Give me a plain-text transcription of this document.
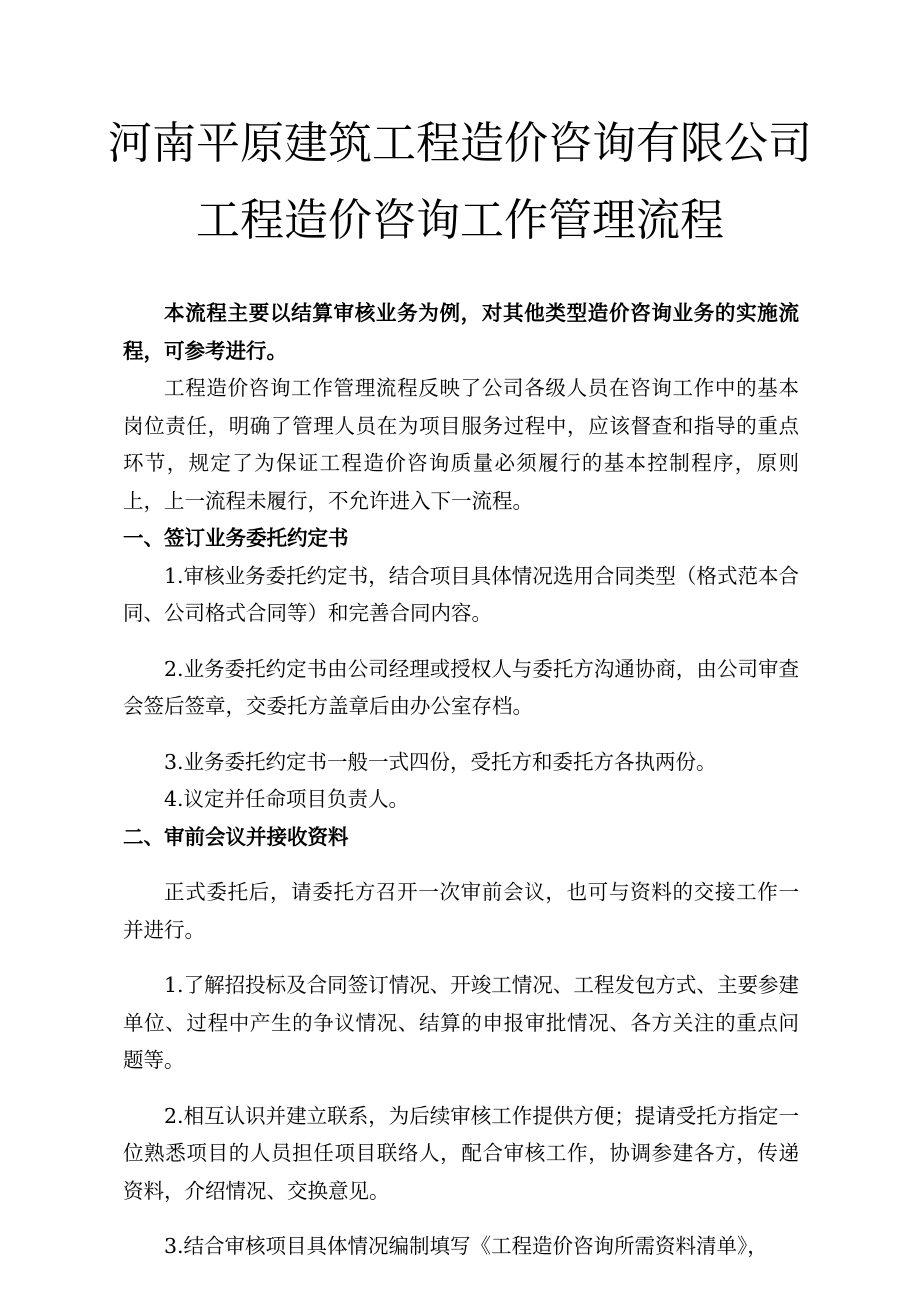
河南平原建筑工程造价咨询有限公司
工程造价咨询工作管理流程

本流程主要以结算审核业务为例，对其他类型造价咨询业务的实施流程，可参考进行。

工程造价咨询工作管理流程反映了公司各级人员在咨询工作中的基本岗位责任，明确了管理人员在为项目服务过程中，应该督查和指导的重点环节，规定了为保证工程造价咨询质量必须履行的基本控制程序，原则上，上一流程未履行，不允许进入下一流程。

一、签订业务委托约定书

1.审核业务委托约定书，结合项目具体情况选用合同类型（格式范本合同、公司格式合同等）和完善合同内容。

2.业务委托约定书由公司经理或授权人与委托方沟通协商，由公司审查会签后签章，交委托方盖章后由办公室存档。

3.业务委托约定书一般一式四份，受托方和委托方各执两份。

4.议定并任命项目负责人。

二、审前会议并接收资料

正式委托后，请委托方召开一次审前会议，也可与资料的交接工作一并进行。

1.了解招投标及合同签订情况、开竣工情况、工程发包方式、主要参建单位、过程中产生的争议情况、结算的申报审批情况、各方关注的重点问题等。

2.相互认识并建立联系，为后续审核工作提供方便；提请受托方指定一位熟悉项目的人员担任项目联络人，配合审核工作，协调参建各方，传递资料，介绍情况、交换意见。

3.结合审核项目具体情况编制填写《工程造价咨询所需资料清单》，
